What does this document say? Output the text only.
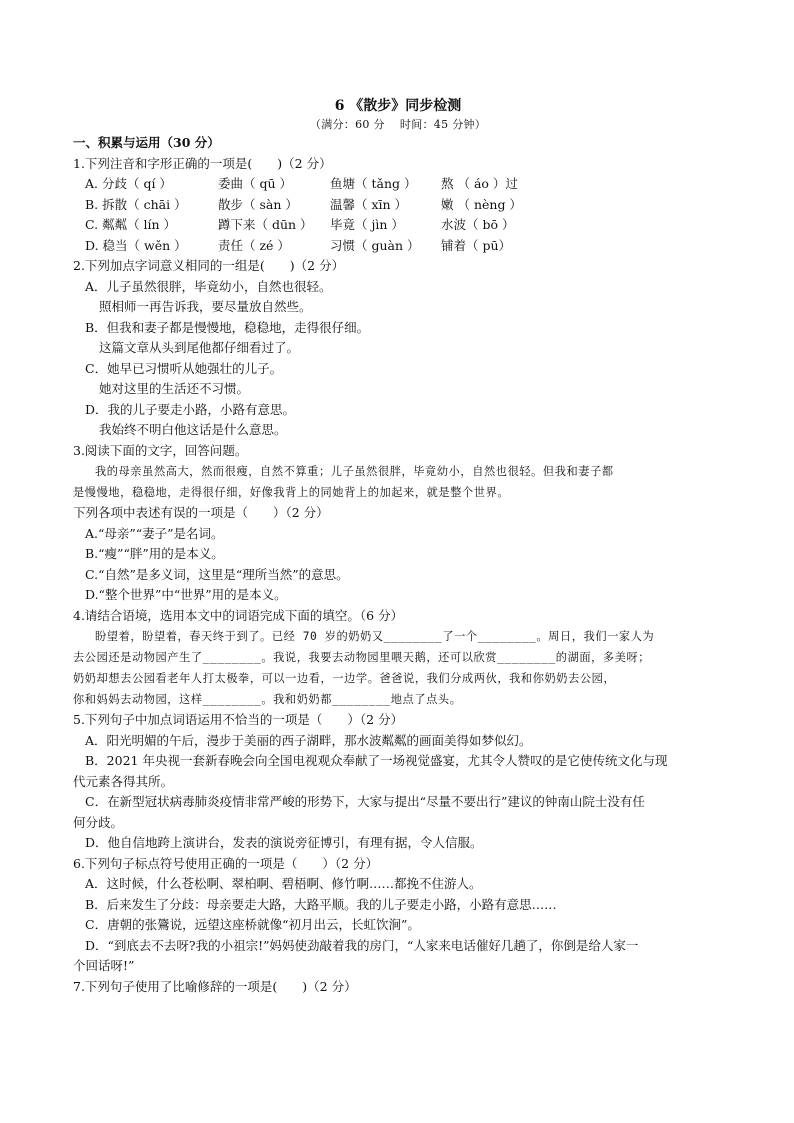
6 《散步》同步检测
（满分：60 分　 时间：45 分钟）
一、积累与运用（30 分）
1.下列注音和字形正确的一项是(　　)（2 分）
A. 分歧（ qí ）	委曲（ qū ）	鱼塘（ tǎng ）	熬 （ áo ）过
B. 拆散（ chāi ）	散步（ sàn ）	温馨（ xīn ）	嫩 （ nèng ）
C. 粼粼（ lín ）	蹲下来（ dūn ）	毕竟（ jìn ）	水波（ bō ）
D. 稳当（ wěn ）	责任（ zé ）	习惯（ guàn ）	铺着（ pū）
2.下列加点字词意义相同的一组是(　　)（2 分）
A．儿子虽然很胖，毕竟幼小，自然也很轻。
照相师一再告诉我，要尽量放自然些。
B．但我和妻子都是慢慢地，稳稳地，走得很仔细。
这篇文章从头到尾他都仔细看过了。
C．她早已习惯听从她强壮的儿子。
她对这里的生活还不习惯。
D．我的儿子要走小路，小路有意思。
我始终不明白他这话是什么意思。
3.阅读下面的文字，回答问题。
我的母亲虽然高大，然而很瘦，自然不算重；儿子虽然很胖，毕竟幼小，自然也很轻。但我和妻子都
是慢慢地，稳稳地，走得很仔细，好像我背上的同她背上的加起来，就是整个世界。
下列各项中表述有误的一项是（　　）（2 分）
A.“母亲”“妻子”是名词。
B.“瘦”“胖”用的是本义。
C.“自然”是多义词，这里是“理所当然”的意思。
D.“整个世界”中“世界”用的是本义。
4.请结合语境，选用本文中的词语完成下面的填空。（6 分）
盼望着，盼望着，春天终于到了。已经 70 岁的奶奶又________了一个________。周日，我们一家人为
去公园还是动物园产生了________。我说，我要去动物园里喂天鹅，还可以欣赏________的湖面，多美呀；
奶奶却想去公园看老年人打太极拳，可以一边看，一边学。爸爸说，我们分成两伙，我和你奶奶去公园，
你和妈妈去动物园，这样________。我和奶奶都________地点了点头。
5.下列句子中加点词语运用不恰当的一项是（　　）（2 分）
A．阳光明媚的午后，漫步于美丽的西子湖畔，那水波粼粼的画面美得如梦似幻。
B．2021 年央视一套新春晚会向全国电视观众奉献了一场视觉盛宴，尤其令人赞叹的是它使传统文化与现
代元素各得其所。
C．在新型冠状病毒肺炎疫情非常严峻的形势下，大家与提出“尽量不要出行”建议的钟南山院士没有任
何分歧。
D．他自信地跨上演讲台，发表的演说旁征博引，有理有据，令人信服。
6.下列句子标点符号使用正确的一项是（　　）（2 分）
A．这时候，什么苍松啊、翠柏啊、碧梧啊、修竹啊……都挽不住游人。
B．后来发生了分歧：母亲要走大路，大路平顺。我的儿子要走小路，小路有意思……
C．唐朝的张鷟说，远望这座桥就像“初月出云，长虹饮涧”。
D．“到底去不去呀?我的小祖宗!”妈妈使劲敲着我的房门，“人家来电话催好几趟了，你倒是给人家一
个回话呀!”
7.下列句子使用了比喻修辞的一项是(　　)（2 分）
